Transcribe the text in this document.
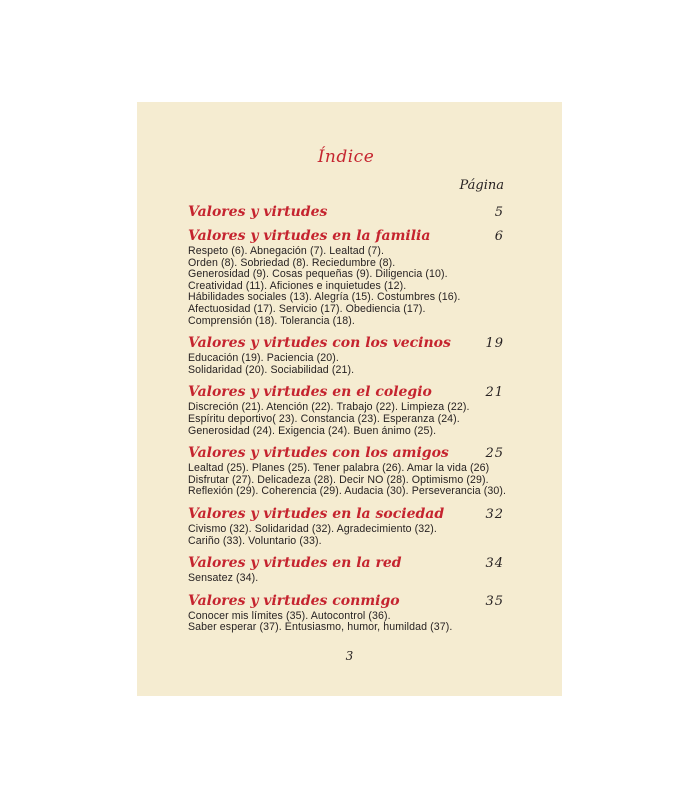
Índice
Página
Valores y virtudes	5
Valores y virtudes en la familia	6
Respeto (6). Abnegación (7). Lealtad (7).
Orden (8). Sobriedad (8). Reciedumbre (8).
Generosidad (9). Cosas pequeñas (9). Diligencia (10).
Creatividad (11). Aficiones e inquietudes (12).
Hábilidades sociales (13). Alegría (15). Costumbres (16).
Afectuosidad (17). Servicio (17). Obediencia (17).
Comprensión (18). Tolerancia (18).
Valores y virtudes con los vecinos	19
Educación (19). Paciencia (20).
Solidaridad (20). Sociabilidad (21).
Valores y virtudes en el colegio	21
Discreción (21). Atención (22). Trabajo (22). Limpieza (22).
Espíritu deportivo( 23). Constancia (23). Esperanza (24).
Generosidad (24). Exigencia (24). Buen ánimo (25).
Valores y virtudes con los amigos	25
Lealtad (25). Planes (25). Tener palabra (26). Amar la vida (26)
Disfrutar (27). Delicadeza (28). Decir NO (28). Optimismo (29).
Reflexión (29). Coherencia (29). Audacia (30). Perseverancia (30).
Valores y virtudes en la sociedad	32
Civismo (32). Solidaridad (32). Agradecimiento (32).
Cariño (33). Voluntario (33).
Valores y virtudes en la red	34
Sensatez (34).
Valores y virtudes conmigo	35
Conocer mis límites (35). Autocontrol (36).
Saber esperar (37). Entusiasmo, humor, humildad (37).
3
